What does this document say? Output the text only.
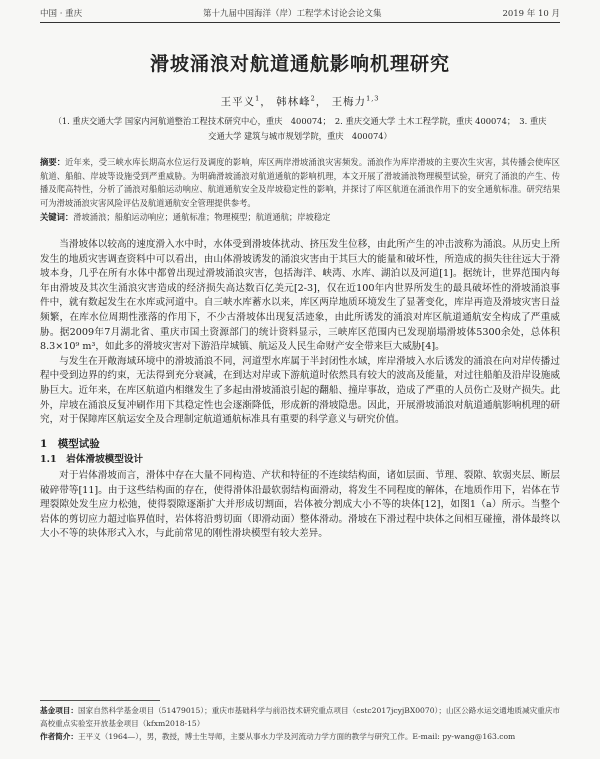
中国 · 重庆	第十九届中国海洋（岸）工程学术讨论会论文集	2019 年 10 月
滑坡涌浪对航道通航影响机理研究
王平义$^1$， 韩林峰$^2$， 王梅力$^{1,3}$
（1. 重庆交通大学 国家内河航道整治工程技术研究中心，重庆　400074；　2. 重庆交通大学 土木工程学院，重庆 400074；　3. 重庆交通大学 建筑与城市规划学院，重庆　400074）
摘要：近年来，受三峡水库长期高水位运行及调度的影响，库区两岸滑坡涌浪灾害频发。涌浪作为库岸滑坡的主要次生灾害，其传播会使库区航道、船舶、岸坡等设施受到严重威胁。为明确滑坡涌浪对航道通航的影响机理，本文开展了滑坡涌浪物理模型试验，研究了涌浪的产生、传播及爬高特性，分析了涌浪对船舶运动响应、航道通航安全及岸坡稳定性的影响，并探讨了库区航道在涌浪作用下的安全通航标准。研究结果可为滑坡涌浪灾害风险评估及航道通航安全管理提供参考。
关键词：滑坡涌浪；船舶运动响应；通航标准；物理模型；航道通航；岸坡稳定

当滑坡体以较高的速度滑入水中时，水体受到滑坡体扰动、挤压发生位移，由此所产生的冲击波称为涌浪。从历史上所发生的地质灾害调查资料中可以看出，由山体滑坡诱发的涌浪灾害由于其巨大的能量和破坏性，所造成的损失往往远大于滑坡本身，几乎在所有水体中都曾出现过滑坡涌浪灾害，包括海洋、峡湾、水库、湖泊以及河道[1]。据统计，世界范围内每年由滑坡及其次生涌浪灾害造成的经济损失高达数百亿美元[2-3]，仅在近100年内世界所发生的最具破坏性的滑坡涌浪事件中，就有数起发生在水库或河道中。自三峡水库蓄水以来，库区两岸地质环境发生了显著变化，库岸再造及滑坡灾害日益频繁，在库水位周期性涨落的作用下，不少古滑坡体出现复活迹象，由此所诱发的涌浪对库区航道通航安全构成了严重威胁。据2009年7月湖北省、重庆市国土资源部门的统计资料显示，三峡库区范围内已发现崩塌滑坡体5300余处，总体积8.3×10⁹ m³，如此多的滑坡灾害对下游沿岸城镇、航运及人民生命财产安全带来巨大威胁[4]。

与发生在开敞海域环境中的滑坡涌浪不同，河道型水库属于半封闭性水域，库岸滑坡入水后诱发的涌浪在向对岸传播过程中受到边界的约束，无法得到充分衰减，在到达对岸或下游航道时依然具有较大的波高及能量，对过往船舶及沿岸设施威胁巨大。近年来，在库区航道内相继发生了多起由滑坡涌浪引起的翻船、撞岸事故，造成了严重的人员伤亡及财产损失。此外，岸坡在涌浪反复冲刷作用下其稳定性也会逐渐降低，形成新的滑坡隐患。因此，开展滑坡涌浪对航道通航影响机理的研究，对于保障库区航运安全及合理制定航道通航标准具有重要的科学意义与研究价值。

1　模型试验
1.1　岩体滑坡模型设计

对于岩体滑坡而言，滑体中存在大量不同构造、产状和特征的不连续结构面，诸如层面、节理、裂隙、软弱夹层、断层破碎带等[11]。由于这些结构面的存在，使得滑体沿最软弱结构面滑动，将发生不同程度的解体，在地质作用下，岩体在节理裂隙处发生应力松弛，使得裂隙逐渐扩大并形成切割面，岩体被分割成大小不等的块体[12]，如图1（a）所示。当整个岩体的剪切应力超过临界值时，岩体将沿剪切面（即滑动面）整体滑动。滑坡在下滑过程中块体之间相互碰撞，滑体最终以大小不等的块体形式入水，与此前常见的刚性滑块模型有较大差异。

基金项目：国家自然科学基金项目（51479015）；重庆市基础科学与前沿技术研究重点项目（cstc2017jcyjBX0070）；山区公路水运交通地质减灾重庆市高校重点实验室开放基金项目（kfxm2018-15）
作者简介：王平义（1964—），男，教授，博士生导师，主要从事水力学及河流动力学方面的教学与研究工作。E-mail: py-wang@163.com
